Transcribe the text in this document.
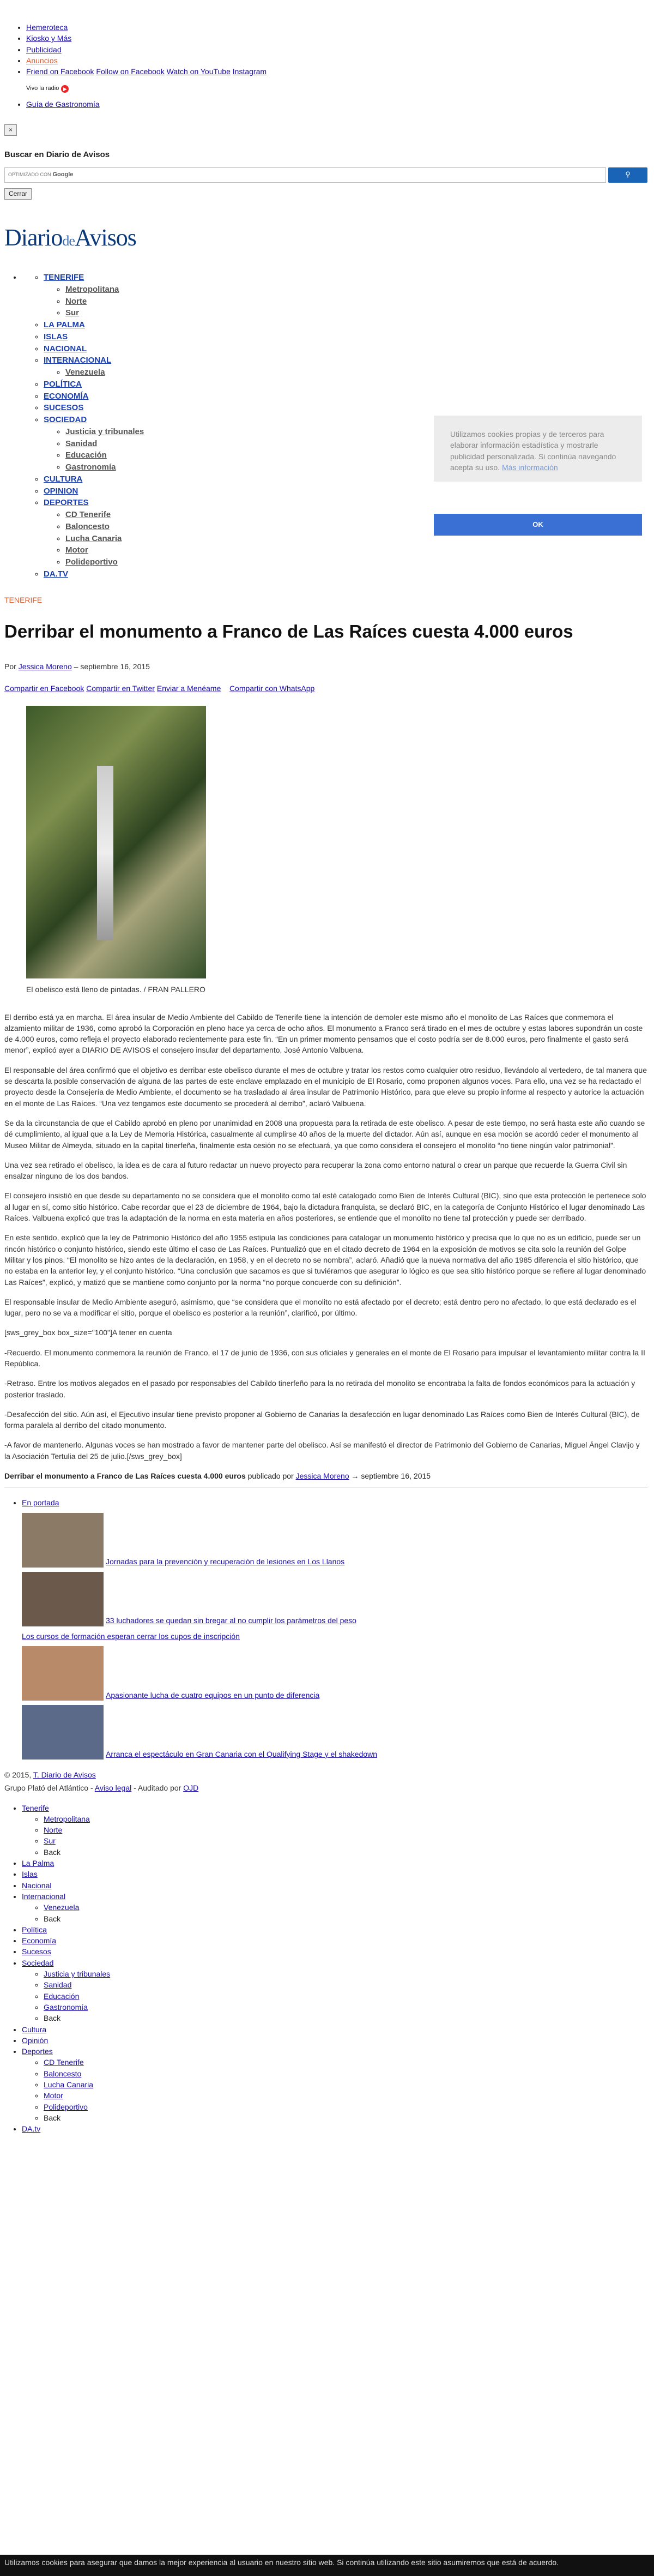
• Hemeroteca
• Kiosko y Más
• Publicidad
• Anuncios
• Friend on Facebook Follow on Facebook Watch on YouTube Instagram
Vivo la radio ▶
• Guía de Gastronomía
×
Buscar en Diario de Avisos
OPTIMIZADO CON Google	⚲
Cerrar
DiariodeAvisos
◦ • TENERIFE
◦ Metropolitana
◦ Norte
◦ Sur
◦ LA PALMA
◦ ISLAS
◦ NACIONAL
◦ INTERNACIONAL
◦ Venezuela
◦ POLÍTICA
◦ ECONOMÍA
◦ SUCESOS
◦ SOCIEDAD
◦ Justicia y tribunales
◦ Sanidad
◦ Educación
◦ Gastronomía
◦ CULTURA
◦ OPINION
◦ DEPORTES
◦ CD Tenerife
◦ Baloncesto
◦ Lucha Canaria
◦ Motor
◦ Polideportivo
◦ DA.TV
Utilizamos cookies propias y de terceros para elaborar información estadística y mostrarle publicidad personalizada. Si continúa navegando acepta su uso. Más información
OK
TENERIFE
Derribar el monumento a Franco de Las Raíces cuesta 4.000 euros
Por Jessica Moreno – septiembre 16, 2015
Compartir en Facebook Compartir en Twitter Enviar a Menéame Compartir con WhatsApp
El obelisco está lleno de pintadas. / FRAN PALLERO

El derribo está ya en marcha. El área insular de Medio Ambiente del Cabildo de Tenerife tiene la intención de demoler este mismo año el monolito de Las Raíces que conmemora el alzamiento militar de 1936, como aprobó la Corporación en pleno hace ya cerca de ocho años. El monumento a Franco será tirado en el mes de octubre y estas labores supondrán un coste de 4.000 euros, como refleja el proyecto elaborado recientemente para este fin. “En un primer momento pensamos que el costo podría ser de 8.000 euros, pero finalmente el gasto será menor”, explicó ayer a DIARIO DE AVISOS el consejero insular del departamento, José Antonio Valbuena.

El responsable del área confirmó que el objetivo es derribar este obelisco durante el mes de octubre y tratar los restos como cualquier otro residuo, llevándolo al vertedero, de tal manera que se descarta la posible conservación de alguna de las partes de este enclave emplazado en el municipio de El Rosario, como proponen algunos voces. Para ello, una vez se ha redactado el proyecto desde la Consejería de Medio Ambiente, el documento se ha trasladado al área insular de Patrimonio Histórico, para que eleve su propio informe al respecto y autorice la actuación en el monte de Las Raíces. “Una vez tengamos este documento se procederá al derribo”, aclaró Valbuena.

Se da la circunstancia de que el Cabildo aprobó en pleno por unanimidad en 2008 una propuesta para la retirada de este obelisco. A pesar de este tiempo, no será hasta este año cuando se dé cumplimiento, al igual que a la Ley de Memoria Histórica, casualmente al cumplirse 40 años de la muerte del dictador. Aún así, aunque en esa moción se acordó ceder el monumento al Museo Militar de Almeyda, situado en la capital tinerfeña, finalmente esta cesión no se efectuará, ya que como considera el consejero el monolito “no tiene ningún valor patrimonial”.

Una vez sea retirado el obelisco, la idea es de cara al futuro redactar un nuevo proyecto para recuperar la zona como entorno natural o crear un parque que recuerde la Guerra Civil sin ensalzar ninguno de los dos bandos.

El consejero insistió en que desde su departamento no se considera que el monolito como tal esté catalogado como Bien de Interés Cultural (BIC), sino que esta protección le pertenece solo al lugar en sí, como sitio histórico. Cabe recordar que el 23 de diciembre de 1964, bajo la dictadura franquista, se declaró BIC, en la categoría de Conjunto Histórico el lugar denominado Las Raíces. Valbuena explicó que tras la adaptación de la norma en esta materia en años posteriores, se entiende que el monolito no tiene tal protección y puede ser derribado.

En este sentido, explicó que la ley de Patrimonio Histórico del año 1955 estipula las condiciones para catalogar un monumento histórico y precisa que lo que no es un edificio, puede ser un rincón histórico o conjunto histórico, siendo este último el caso de Las Raíces. Puntualizó que en el citado decreto de 1964 en la exposición de motivos se cita solo la reunión del Golpe Militar y los pinos. “El monolito se hizo antes de la declaración, en 1958, y en el decreto no se nombra”, aclaró. Añadió que la nueva normativa del año 1985 diferencia el sitio histórico, que no estaba en la anterior ley, y el conjunto histórico. “Una conclusión que sacamos es que si tuviéramos que asegurar lo lógico es que sea sitio histórico porque se refiere al lugar denominado Las Raíces”, explicó, y matizó que se mantiene como conjunto por la norma “no porque concuerde con su definición”.

El responsable insular de Medio Ambiente aseguró, asimismo, que “se considera que el monolito no está afectado por el decreto; está dentro pero no afectado, lo que está declarado es el lugar, pero no se va a modificar el sitio, porque el obelisco es posterior a la reunión”, clarificó, por último.

[sws_grey_box box_size="100"]A tener en cuenta

-Recuerdo. El monumento conmemora la reunión de Franco, el 17 de junio de 1936, con sus oficiales y generales en el monte de El Rosario para impulsar el levantamiento militar contra la II República.

-Retraso. Entre los motivos alegados en el pasado por responsables del Cabildo tinerfeño para la no retirada del monolito se encontraba la falta de fondos económicos para la actuación y posterior traslado.

-Desafección del sitio. Aún así, el Ejecutivo insular tiene previsto proponer al Gobierno de Canarias la desafección en lugar denominado Las Raíces como Bien de Interés Cultural (BIC), de forma paralela al derribo del citado monumento.

-A favor de mantenerlo. Algunas voces se han mostrado a favor de mantener parte del obelisco. Así se manifestó el director de Patrimonio del Gobierno de Canarias, Miguel Ángel Clavijo y la Asociación Tertulia del 25 de julio.[/sws_grey_box]

Derribar el monumento a Franco de Las Raíces cuesta 4.000 euros publicado por Jessica Moreno → septiembre 16, 2015
• En portada
Jornadas para la prevención y recuperación de lesiones en Los Llanos
33 luchadores se quedan sin bregar al no cumplir los parámetros del peso
Los cursos de formación esperan cerrar los cupos de inscripción
Apasionante lucha de cuatro equipos en un punto de diferencia
Arranca el espectáculo en Gran Canaria con el Qualifying Stage y el shakedown
© 2015, T. Diario de Avisos
Grupo Plató del Atlántico - Aviso legal - Auditado por OJD
• Tenerife
◦ Metropolitana
◦ Norte
◦ Sur
◦ Back
• La Palma
• Islas
• Nacional
• Internacional
◦ Venezuela
◦ Back
• Política
• Economía
• Sucesos
• Sociedad
◦ Justicia y tribunales
◦ Sanidad
◦ Educación
◦ Gastronomía
◦ Back
• Cultura
• Opinión
• Deportes
◦ CD Tenerife
◦ Baloncesto
◦ Lucha Canaria
◦ Motor
◦ Polideportivo
◦ Back
• DA.tv
Utilizamos cookies para asegurar que damos la mejor experiencia al usuario en nuestro sitio web. Si continúa utilizando este sitio asumiremos que está de acuerdo.
